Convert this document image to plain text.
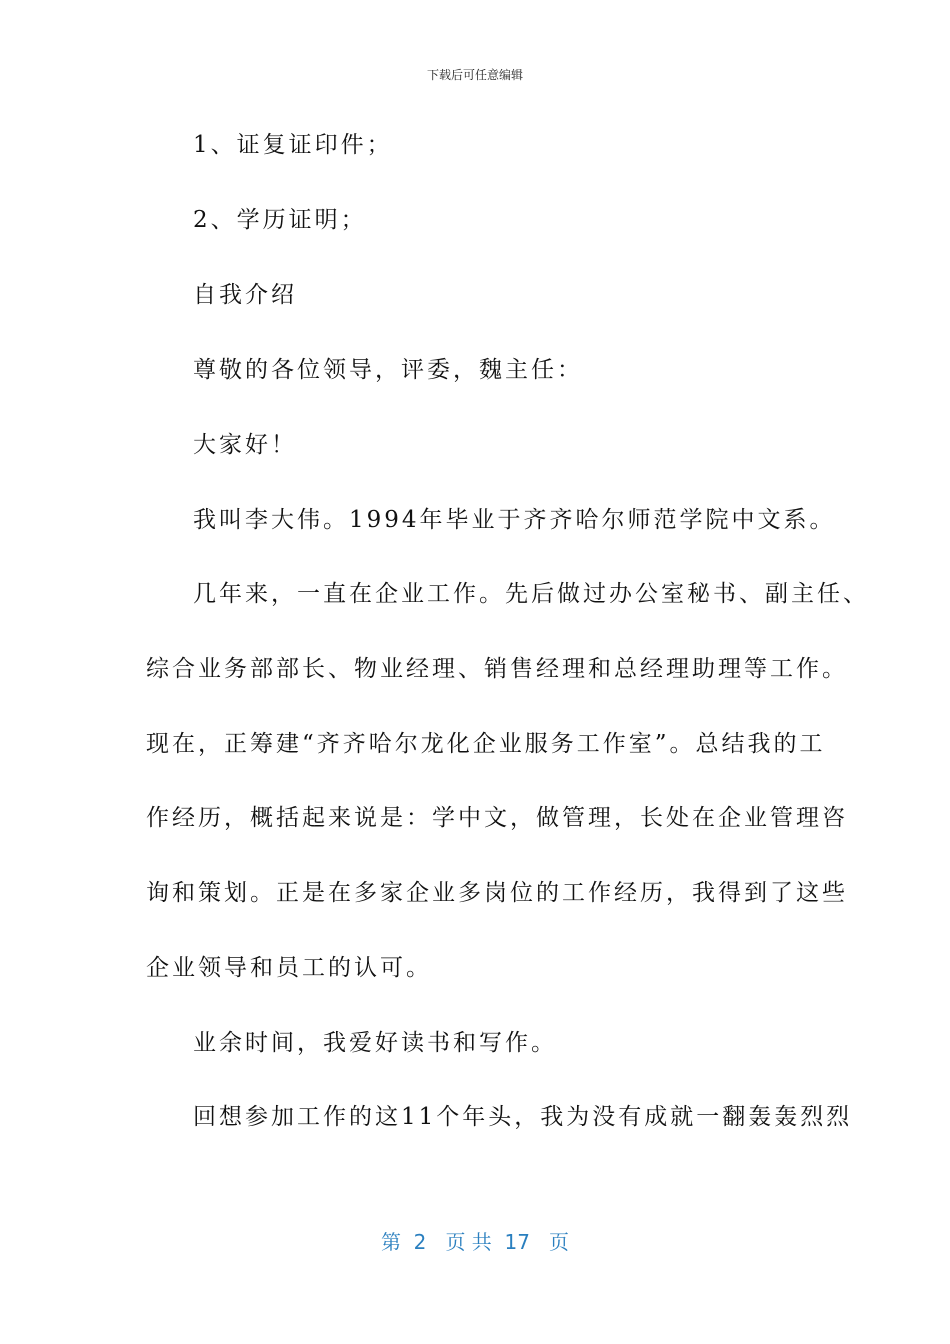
下载后可任意编辑
1、证复证印件；
2、学历证明；
自我介绍
尊敬的各位领导，评委，魏主任：
大家好！
我叫李大伟。1994年毕业于齐齐哈尔师范学院中文系。
几年来，一直在企业工作。先后做过办公室秘书、副主任、
综合业务部部长、物业经理、销售经理和总经理助理等工作。
现在，正筹建“齐齐哈尔龙化企业服务工作室”。总结我的工
作经历，概括起来说是：学中文，做管理，长处在企业管理咨
询和策划。正是在多家企业多岗位的工作经历，我得到了这些
企业领导和员工的认可。
业余时间，我爱好读书和写作。
回想参加工作的这11个年头，我为没有成就一翻轰轰烈烈
第  2   页 共  17   页
